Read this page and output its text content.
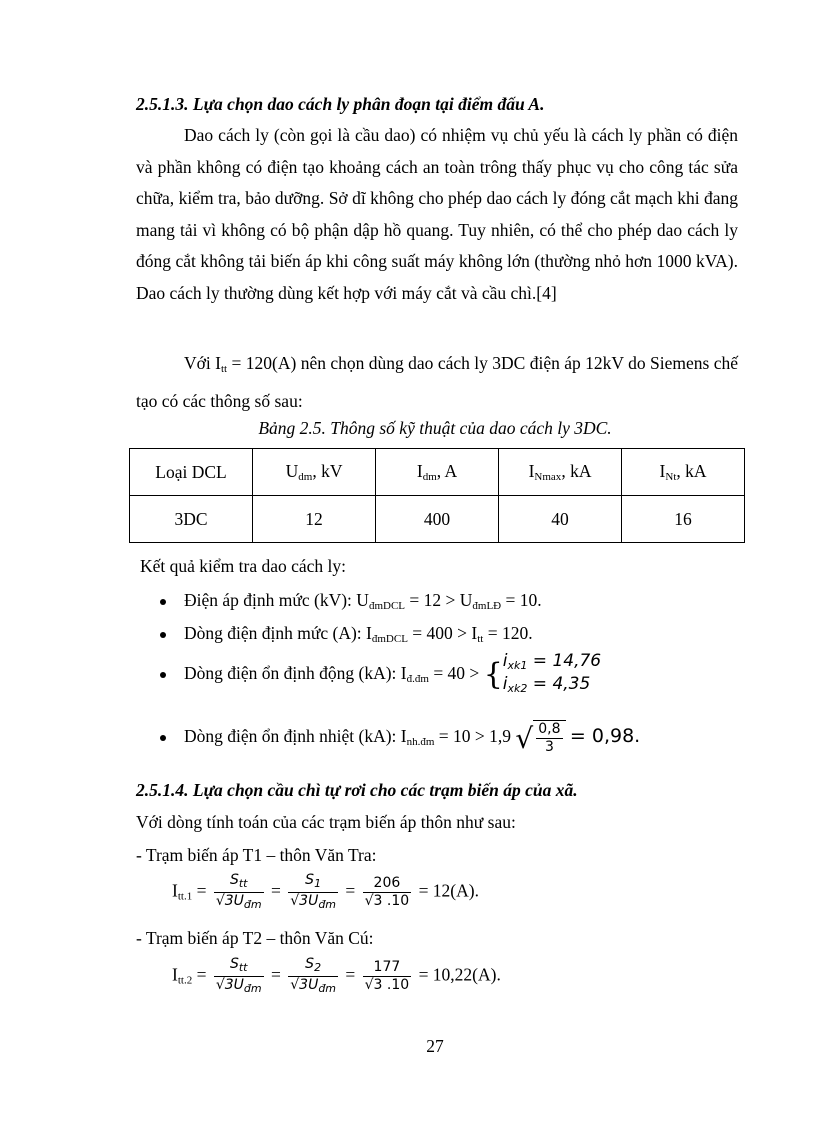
2.5.1.3. Lựa chọn dao cách ly phân đoạn tại điểm đấu A.
Dao cách ly (còn gọi là cầu dao) có nhiệm vụ chủ yếu là cách ly phần có điện và phần không có điện tạo khoảng cách an toàn trông thấy phục vụ cho công tác sửa chữa, kiểm tra, bảo dưỡng. Sở dĩ không cho phép dao cách ly đóng cắt mạch khi đang mang tải vì không có bộ phận dập hồ quang. Tuy nhiên, có thể cho phép dao cách ly đóng cắt không tải biến áp khi công suất máy không lớn (thường nhỏ hơn 1000 kVA). Dao cách ly thường dùng kết hợp với máy cắt và cầu chì.[4]
Với $I_{tt} = 120(A)$ nên chọn dùng dao cách ly 3DC điện áp 12kV do Siemens chế tạo có các thông số sau:
Bảng 2.5. Thông số kỹ thuật của dao cách ly 3DC.
Loại DCL	$U_{dm}$, kV	$I_{dm}$, A	$I_{Nmax}$, kA	$I_{Nt}$, kA
3DC	12	400	40	16
Kết quả kiểm tra dao cách ly:
Điện áp định mức (kV): $U_{đmDCL} = 12 > U_{đmLĐ} = 10$.
Dòng điện định mức (A): $I_{đmDCL} = 400 > I_{tt} = 120$.
Dòng điện ổn định động (kA): $I_{đ.đm} = 40 > \{i_{xk1} = 14,76$
$i_{xk2} = 4,35$
Dòng điện ổn định nhiệt (kA): $I_{nh.đm} = 10 > 1,9$ √ $\frac{0,8}{3} = 0,98$.
2.5.1.4. Lựa chọn cầu chì tự rơi cho các trạm biến áp của xã.
Với dòng tính toán của các trạm biến áp thôn như sau:
- Trạm biến áp T1 – thôn Văn Tra:
$I_{tt.1} = \frac{S_{tt}}{√3U_{đm}} = \frac{S_1}{√3U_{đm}} = \frac{206}{√3 .10} = 12(A)$.
- Trạm biến áp T2 – thôn Văn Cú:
$I_{tt.2} = \frac{S_{tt}}{√3U_{đm}} = \frac{S_2}{√3U_{đm}} = \frac{177}{√3 .10} = 10,22(A)$.
27
